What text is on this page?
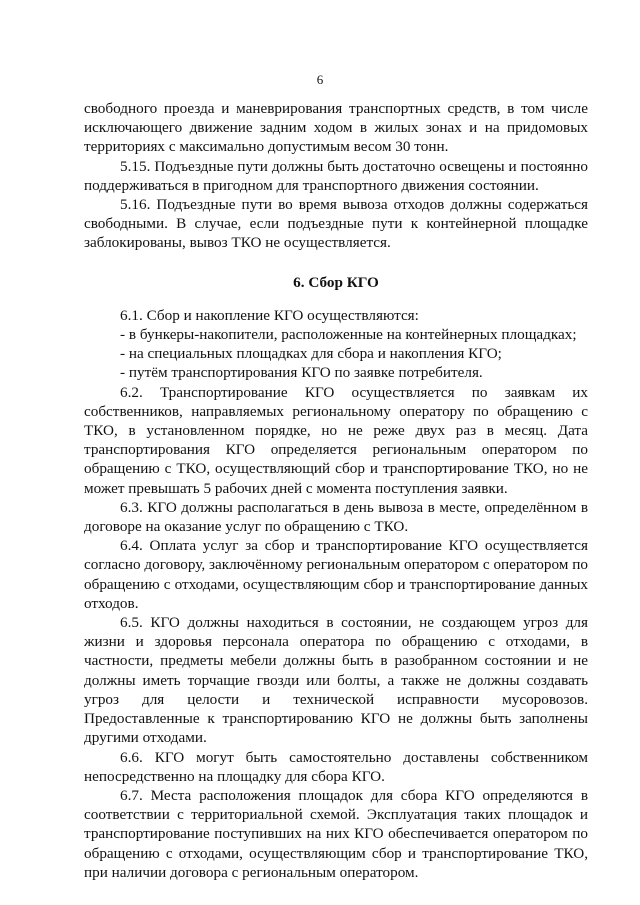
6

свободного проезда и маневрирования транспортных средств, в том числе исключающего движение задним ходом в жилых зонах и на придомовых территориях с максимально допустимым весом 30 тонн.

5.15. Подъездные пути должны быть достаточно освещены и постоянно поддерживаться в пригодном для транспортного движения состоянии.

5.16. Подъездные пути во время вывоза отходов должны содержаться свободными. В случае, если подъездные пути к контейнерной площадке заблокированы, вывоз ТКО не осуществляется.

6. Сбор КГО

6.1. Сбор и накопление КГО осуществляются:

- в бункеры-накопители, расположенные на контейнерных площадках;

- на специальных площадках для сбора и накопления КГО;

- путём транспортирования КГО по заявке потребителя.

6.2. Транспортирование КГО осуществляется по заявкам их собственников, направляемых региональному оператору по обращению с ТКО, в установленном порядке, но не реже двух раз в месяц. Дата транспортирования КГО определяется региональным оператором по обращению с ТКО, осуществляющий сбор и транспортирование ТКО, но не может превышать 5 рабочих дней с момента поступления заявки.

6.3. КГО должны располагаться в день вывоза в месте, определённом в договоре на оказание услуг по обращению с ТКО.

6.4. Оплата услуг за сбор и транспортирование КГО осуществляется согласно договору, заключённому региональным оператором с оператором по обращению с отходами, осуществляющим сбор и транспортирование данных отходов.

6.5. КГО должны находиться в состоянии, не создающем угроз для жизни и здоровья персонала оператора по обращению с отходами, в частности, предметы мебели должны быть в разобранном состоянии и не должны иметь торчащие гвозди или болты, а также не должны создавать угроз для целости и технической исправности мусоровозов. Предоставленные к транспортированию КГО не должны быть заполнены другими отходами.

6.6. КГО могут быть самостоятельно доставлены собственником непосредственно на площадку для сбора КГО.

6.7. Места расположения площадок для сбора КГО определяются в соответствии с территориальной схемой. Эксплуатация таких площадок и транспортирование поступивших на них КГО обеспечивается оператором по обращению с отходами, осуществляющим сбор и транспортирование ТКО, при наличии договора с региональным оператором.
